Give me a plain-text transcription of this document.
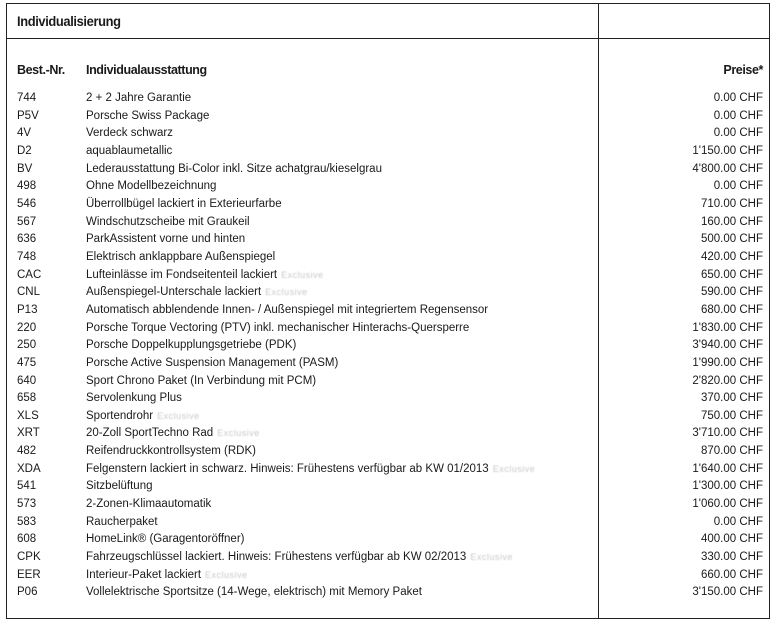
Individualisierung
Best.-Nr. Individualausstattung	Preise*
744	2 + 2 Jahre Garantie	0.00 CHF
P5V	Porsche Swiss Package	0.00 CHF
4V	Verdeck schwarz	0.00 CHF
D2	aquablaumetallic	1'150.00 CHF
BV	Lederausstattung Bi-Color inkl. Sitze achatgrau/kieselgrau	4'800.00 CHF
498	Ohne Modellbezeichnung	0.00 CHF
546	Überrollbügel lackiert in Exterieurfarbe	710.00 CHF
567	Windschutzscheibe mit Graukeil	160.00 CHF
636	ParkAssistent vorne und hinten	500.00 CHF
748	Elektrisch anklappbare Außenspiegel	420.00 CHF
CAC	Lufteinlässe im Fondseitenteil lackiert Exclusive	650.00 CHF
CNL	Außenspiegel-Unterschale lackiert Exclusive	590.00 CHF
P13	Automatisch abblendende Innen- / Außenspiegel mit integriertem Regensensor	680.00 CHF
220	Porsche Torque Vectoring (PTV) inkl. mechanischer Hinterachs-Quersperre	1'830.00 CHF
250	Porsche Doppelkupplungsgetriebe (PDK)	3'940.00 CHF
475	Porsche Active Suspension Management (PASM)	1'990.00 CHF
640	Sport Chrono Paket (In Verbindung mit PCM)	2'820.00 CHF
658	Servolenkung Plus	370.00 CHF
XLS	Sportendrohr Exclusive	750.00 CHF
XRT	20-Zoll SportTechno Rad Exclusive	3'710.00 CHF
482	Reifendruckkontrollsystem (RDK)	870.00 CHF
XDA	Felgenstern lackiert in schwarz. Hinweis: Frühestens verfügbar ab KW 01/2013 Exclusive	1'640.00 CHF
541	Sitzbelüftung	1'300.00 CHF
573	2-Zonen-Klimaautomatik	1'060.00 CHF
583	Raucherpaket	0.00 CHF
608	HomeLink® (Garagentoröffner)	400.00 CHF
CPK	Fahrzeugschlüssel lackiert. Hinweis: Frühestens verfügbar ab KW 02/2013 Exclusive	330.00 CHF
EER	Interieur-Paket lackiert Exclusive	660.00 CHF
P06	Vollelektrische Sportsitze (14-Wege, elektrisch) mit Memory Paket	3'150.00 CHF
